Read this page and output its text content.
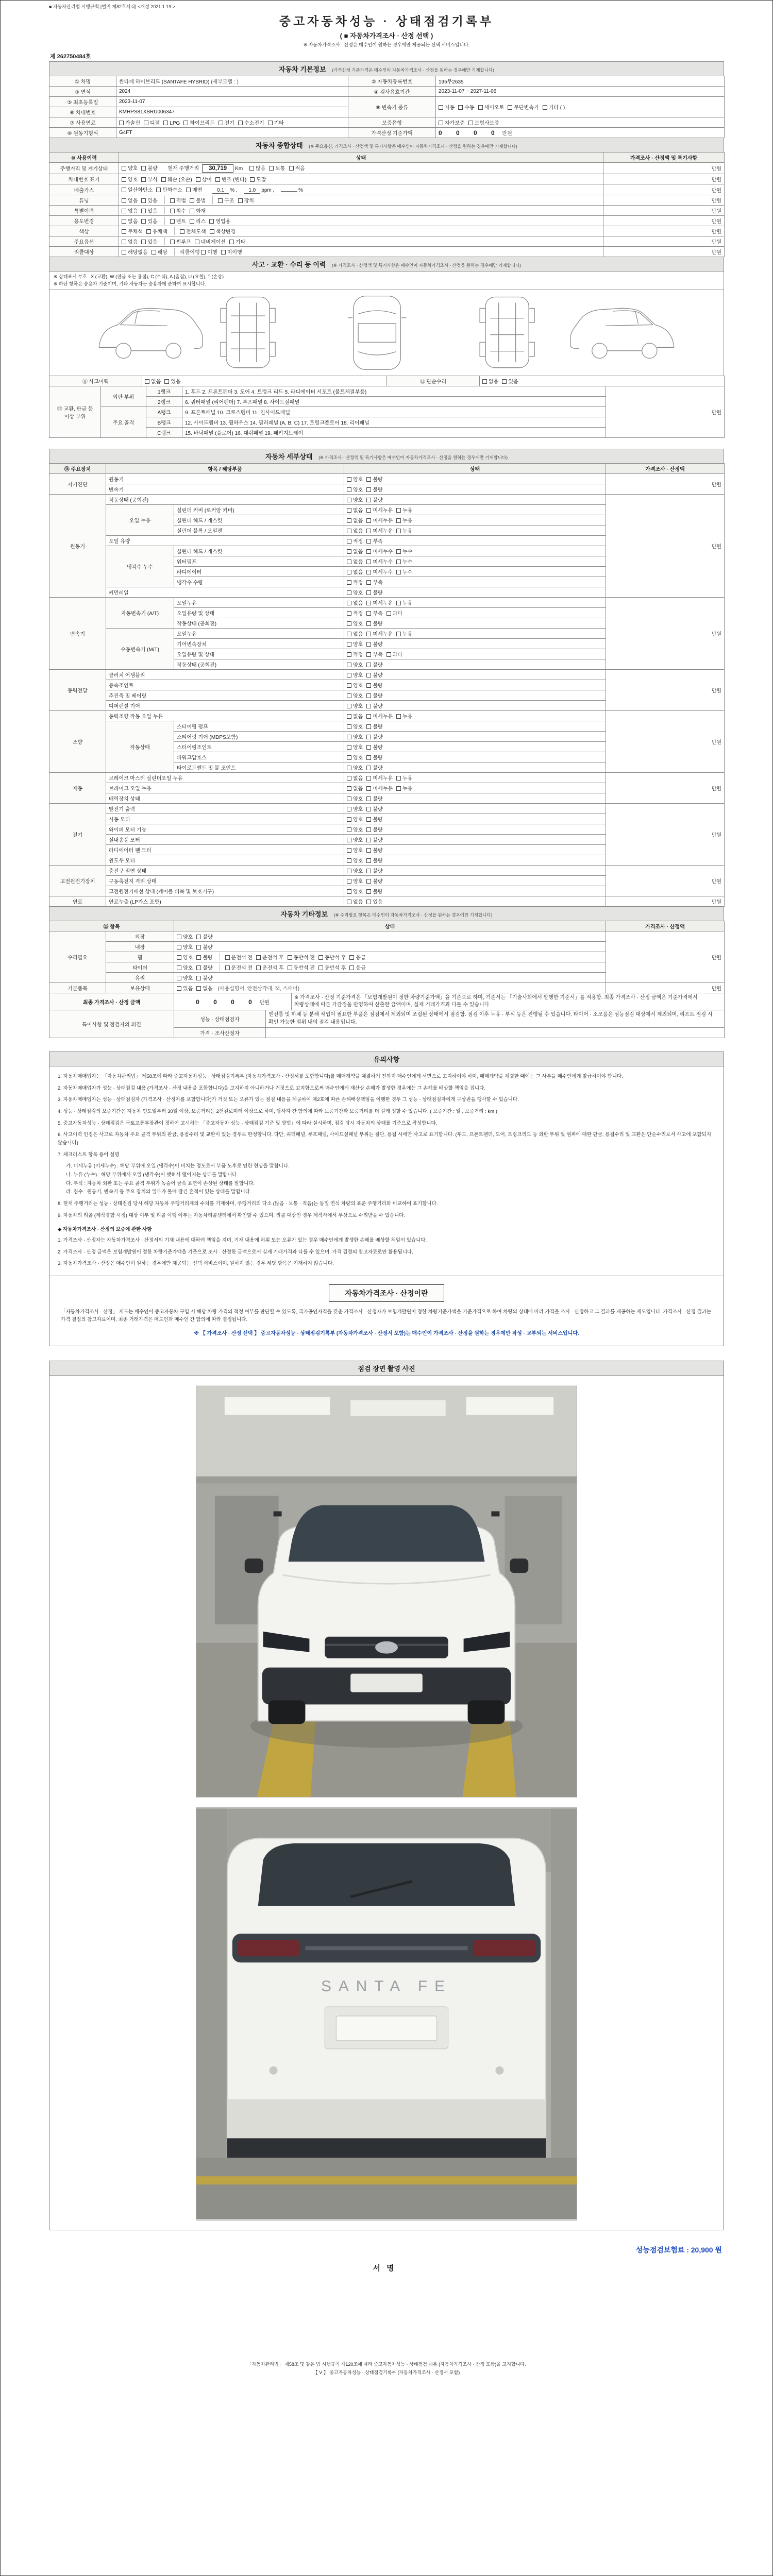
■ 자동차관리법 시행규칙 [별지 제82호서식] <개정 2021.1.19.>
중고자동차성능 · 상태점검기록부
( ■ 자동차가격조사 · 산정 선택 )
※ 자동차가격조사 · 산정은 매수인이 원하는 경우에만 제공되는 선택 서비스입니다.
제 262750484호
자동차 기본정보 (가격산정 기준가격은 매수인이 자동차가격조사 · 산정을 원하는 경우에만 기재합니다)
① 차명	싼타페 하이브리드 (SANTAFE HYBRID) (세부모델 : )	② 자동차등록번호	195무2635
③ 연식	2024	④ 검사유효기간	2023-11-07 ~ 2027-11-06
⑤ 최초등록일	2023-11-07	⑨ 변속기 종류	자동 수동 세미오토 무단변속기 기타 ( )
⑥ 차대번호	KMHPS81XBRU006347		
⑦ 사용연료	가솔린 디젤 LPG 하이브리드 전기 수소전기 기타	보증유형	자가보증 보험사보증
⑧ 원동기형식	G4FT	가격산정 기준가액	0 0 0 0 만원
자동차 종합상태 (※ 주요옵션, 가격조사 · 산정액 및 특기사항은 매수인이 자동차가격조사 · 산정을 원하는 경우에만 기재합니다)
⑩ 사용이력	상태	가격조사 · 산정액 및 특기사항
주행거리 및 계기상태	양호 불량 현재 주행거리 30,719 Km 많음 보통 적음	만원
차대번호 표기	양호 부식 훼손 (오손) 상이 변조 (변타) 도말	만원
배출가스	일산화탄소 탄화수소 매연 0.1 % , 1.0 ppm , %	만원
튜닝	없음 있음 적법 불법 구조 장치	만원
특별이력	없음 있음 침수 화재	만원
용도변경	없음 있음 렌트 리스 영업용	만원
색상	무채색 유채색 전체도색 색상변경	만원
주요옵션	없음 있음 썬루프 네비게이션 기타	만원
리콜대상	해당없음 해당 리콜이행 이행 미이행	만원
사고 · 교환 · 수리 등 이력 (※ 가격조사 · 산정액 및 특기사항은 매수인이 자동차가격조사 · 산정을 원하는 경우에만 기재합니다)
※ 상태표시 부호 : X (교환), W (판금 또는 용접), C (부식), A (흠집), U (요철), T (손상)
※ 하단 항목은 승용차 기준이며, 기타 자동차는 승용차에 준하여 표시합니다.
⑪ 사고이력	없음 있음	⑫ 단순수리	없음 있음
⑬ 교환, 판금 등 이상 부위	외판 부위	1랭크	1. 후드 2. 프론트펜더 3. 도어 4. 트렁크 리드 5. 라디에이터 서포트 (볼트체결부품)	만원
		2랭크	6. 쿼터패널 (리어펜더) 7. 루프패널 8. 사이드실패널	
	주요 골격	A랭크	9. 프론트패널 10. 크로스멤버 11. 인사이드패널	
		B랭크	12. 사이드멤버 13. 휠하우스 14. 필러패널 (A, B, C) 17. 트렁크플로어 18. 리어패널	
		C랭크	15. 바닥패널 (플로어) 16. 대쉬패널 19. 패키지트레이	
자동차 세부상태 (※ 가격조사 · 산정액 및 특기사항은 매수인이 자동차가격조사 · 산정을 원하는 경우에만 기재합니다)
⑭ 주요장치	항목 / 해당부품		상태	가격조사 · 산정액
자기진단	원동기		양호 불량	만원
	변속기		양호 불량	
원동기	작동상태 (공회전)		양호 불량	만원
	오일 누유	실린더 커버 (로커암 커버)	없음 미세누유 누유	
		실린더 헤드 / 개스킷	없음 미세누유 누유	
		실린더 블록 / 오일팬	없음 미세누유 누유	
	오일 유량		적정 부족	
	냉각수 누수	실린더 헤드 / 개스킷	없음 미세누수 누수	
		워터펌프	없음 미세누수 누수	
		라디에이터	없음 미세누수 누수	
		냉각수 수량	적정 부족	
	커먼레일		양호 불량	
변속기	자동변속기 (A/T)	오일누유	없음 미세누유 누유	만원
		오일유량 및 상태	적정 부족 과다	
		작동상태 (공회전)	양호 불량	
	수동변속기 (M/T)	오일누유	없음 미세누유 누유	
		기어변속장치	양호 불량	
		오일유량 및 상태	적정 부족 과다	
		작동상태 (공회전)	양호 불량	
동력전달	클러치 어셈블리		양호 불량	만원
	등속조인트		양호 불량	
	추진축 및 베어링		양호 불량	
	디퍼렌셜 기어		양호 불량	
조향	동력조향 작동 오일 누유		없음 미세누유 누유	만원
	작동상태	스티어링 펌프	양호 불량	
		스티어링 기어 (MDPS포함)	양호 불량	
		스티어링조인트	양호 불량	
		파워고압호스	양호 불량	
		타이로드엔드 및 볼 조인트	양호 불량	
제동	브레이크 마스터 실린더오일 누유		없음 미세누유 누유	만원
	브레이크 오일 누유		없음 미세누유 누유	
	배력장치 상태		양호 불량	
전기	발전기 출력		양호 불량	만원
	시동 모터		양호 불량	
	와이퍼 모터 기능		양호 불량	
	실내송풍 모터		양호 불량	
	라디에이터 팬 모터		양호 불량	
	윈도우 모터		양호 불량	
고전원전기장치	충전구 절연 상태		양호 불량	만원
	구동축전지 격리 상태		양호 불량	
	고전원전기배선 상태 (케이블 피복 및 보호기구)		양호 불량	
연료	연료누출 (LP가스 포함)		없음 있음	만원
자동차 기타정보 (※ 수리필요 항목은 매수인이 자동차가격조사 · 산정을 원하는 경우에만 기재합니다)
⑮ 항목		상태	가격조사 · 산정액
수리필요	외장	양호 불량	만원
	내장	양호 불량	
	휠	양호 불량 운전석 전 운전석 후 동반석 전 동반석 후 응급	
	타이어	양호 불량 운전석 전 운전석 후 동반석 전 동반석 후 응급	
	유리	양호 불량	
기본품목	보유상태	있음 없음 (사용설명서, 안전삼각대, 잭, 스패너)	만원
최종 가격조사 · 산정 금액	0 0 0 0 만원	※ 가격조사 · 산정 기준가격은 「보험개발원이 정한 차량기준가액」을 기준으로 하며, 기준서는 「기술사회에서 발행한 기준서」를 적용함. 최종 가격조사 · 산정 금액은 기준가격에서 차량상태에 따른 가감점을 반영하여 산출한 금액이며, 실제 거래가격과 다를 수 있습니다.
특이사항 및 점검자의 의견	성능 · 상태점검자	엔진룸 및 하체 등 분해 작업이 필요한 부품은 점검에서 제외되며 조립된 상태에서 점검함. 점검 이후 누유 · 부식 등은 진행될 수 있습니다. 타이어 · 소모품은 성능점검 대상에서 제외되며, 리프트 점검 시 확인 가능한 범위 내의 점검 내용입니다.
	가격 · 조사산정자	
유의사항
1. 자동차매매업자는 「자동차관리법」 제58조에 따라 중고자동차성능 · 상태점검기록부 (자동차가격조사 · 산정서를 포함합니다)를 매매계약을 체결하기 전까지 매수인에게 서면으로 고지하여야 하며, 매매계약을 체결한 때에는 그 사본을 매수인에게 발급하여야 합니다.
2. 자동차매매업자가 성능 · 상태점검 내용 (가격조사 · 산정 내용을 포함합니다)을 고지하지 아니하거나 거짓으로 고지함으로써 매수인에게 재산상 손해가 발생한 경우에는 그 손해를 배상할 책임을 집니다.
3. 자동차매매업자는 성능 · 상태점검자 (가격조사 · 산정자를 포함합니다)가 거짓 또는 오류가 있는 점검 내용을 제공하여 제2호에 따른 손해배상책임을 이행한 경우 그 성능 · 상태점검자에게 구상권을 행사할 수 있습니다.
4. 성능 · 상태점검의 보증기간은 자동차 인도일부터 30일 이상, 보증거리는 2천킬로미터 이상으로 하며, 당사자 간 합의에 따라 보증기간과 보증거리를 더 길게 정할 수 있습니다. ( 보증기간 : 일 , 보증거리 : km )
5. 중고자동차성능 · 상태점검은 국토교통부장관이 정하여 고시하는 「중고자동차 성능 · 상태점검 기준 및 방법」에 따라 실시하며, 점검 당시 자동차의 상태를 기준으로 작성합니다.
6. 사고이력 인정은 사고로 자동차 주요 골격 부위의 판금, 용접수리 및 교환이 있는 경우로 한정합니다. 다만, 쿼터패널, 루프패널, 사이드실패널 부위는 절단, 용접 시에만 사고로 표기합니다. (후드, 프론트펜더, 도어, 트렁크리드 등 외판 부위 및 범퍼에 대한 판금, 용접수리 및 교환은 단순수리로서 사고에 포함되지 않습니다)
7. 체크리스트 항목 용어 설명
가. 미세누유 (미세누수) : 해당 부위에 오일 (냉각수)이 비치는 정도로서 부품 노후로 인한 현상을 말합니다.
나. 누유 (누수) : 해당 부위에서 오일 (냉각수)이 맺혀서 떨어지는 상태를 말합니다.
다. 부식 : 자동차 외판 또는 주요 골격 부위가 녹슬어 금속 표면이 손상된 상태를 말합니다.
라. 침수 : 원동기, 변속기 등 주요 장치의 일부가 물에 잠긴 흔적이 있는 상태를 말합니다.
8. 현재 주행거리는 성능 · 상태점검 당시 해당 자동차 주행거리계의 수치를 기재하며, 주행거리의 다소 (많음 · 보통 · 적음)는 동일 연식 차량의 표준 주행거리와 비교하여 표기합니다.
9. 자동차의 리콜 (제작결함 시정) 대상 여부 및 리콜 이행 여부는 자동차리콜센터에서 확인할 수 있으며, 리콜 대상인 경우 제작사에서 무상으로 수리받을 수 있습니다.
◆ 자동차가격조사 · 산정의 보증에 관한 사항
1. 가격조사 · 산정자는 자동차가격조사 · 산정서의 기재 내용에 대하여 책임을 지며, 기재 내용에 허위 또는 오류가 있는 경우 매수인에게 발생한 손해를 배상할 책임이 있습니다.
2. 가격조사 · 산정 금액은 보험개발원이 정한 차량기준가액을 기준으로 조사 · 산정한 금액으로서 실제 거래가격과 다를 수 있으며, 가격 결정의 참고자료로만 활용됩니다.
3. 자동차가격조사 · 산정은 매수인이 원하는 경우에만 제공되는 선택 서비스이며, 원하지 않는 경우 해당 항목은 기재하지 않습니다.
자동차가격조사 · 산정이란
「자동차가격조사 · 산정」 제도는 매수인이 중고자동차 구입 시 해당 차량 가격의 적정 여부를 판단할 수 있도록, 국가공인자격을 갖춘 가격조사 · 산정자가 보험개발원이 정한 차량기준가액을 기준가격으로 하여 차량의 상태에 따라 가격을 조사 · 산정하고 그 결과를 제공하는 제도입니다. 가격조사 · 산정 결과는 가격 결정의 참고자료이며, 최종 거래가격은 매도인과 매수인 간 합의에 따라 결정됩니다.
※ 【 가격조사 · 산정 선택 】 중고자동차성능 · 상태점검기록부 (자동차가격조사 · 산정서 포함)는 매수인이 가격조사 · 산정을 원하는 경우에만 작성 · 교부되는 서비스입니다.
점검 장면 촬영 사진
SANTA FE
성능점검보험료 : 20,900 원
서명
「자동차관리법」 제58조 및 같은 법 시행규칙 제120조에 따라 중고자동차성능 · 상태점검 내용 (자동차가격조사 · 산정 포함)을 고지합니다.
【 V 】 중고자동차성능 · 상태점검기록부 (자동차가격조사 · 산정서 포함)
